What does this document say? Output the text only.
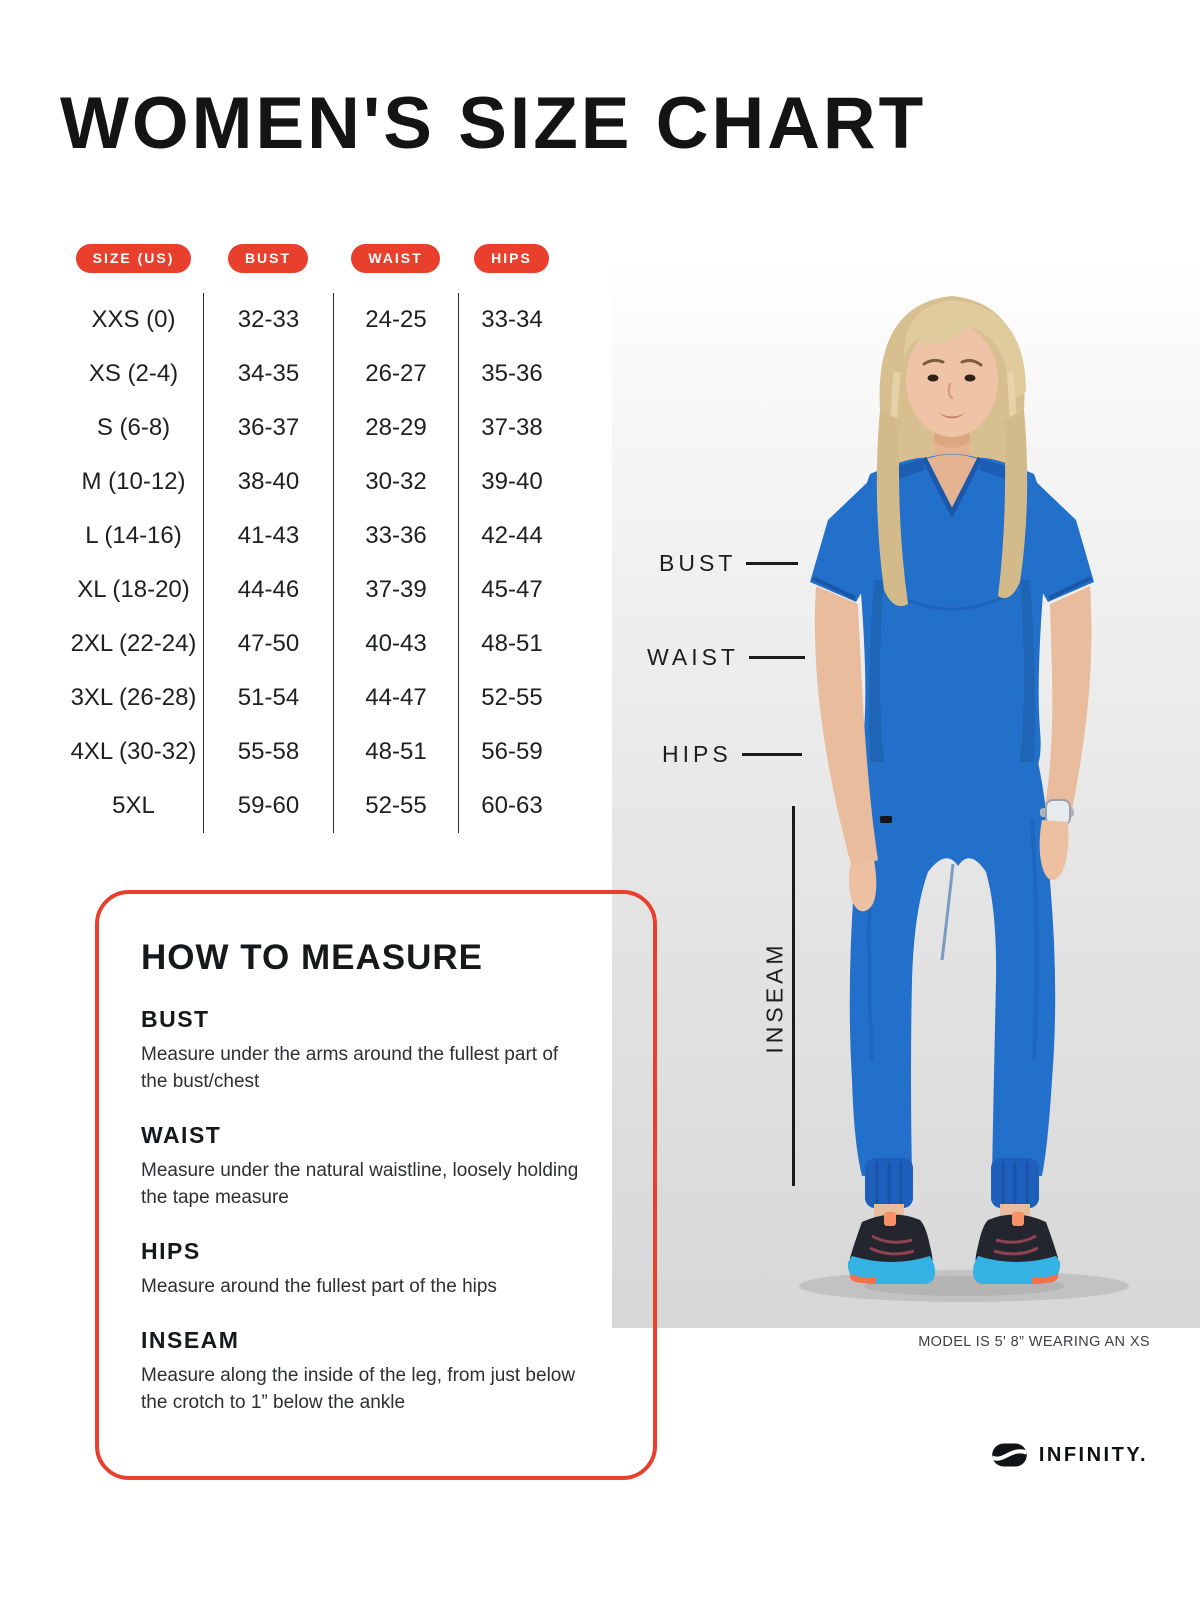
WOMEN'S SIZE CHART
BUST
WAIST
HIPS
INSEAM
MODEL IS 5' 8” WEARING AN XS
SIZE (US)	BUST	WAIST	HIPS
XXS (0)	32-33	24-25	33-34
XS (2-4)	34-35	26-27	35-36
S (6-8)	36-37	28-29	37-38
M (10-12)	38-40	30-32	39-40
L (14-16)	41-43	33-36	42-44
XL (18-20)	44-46	37-39	45-47
2XL (22-24)	47-50	40-43	48-51
3XL (26-28)	51-54	44-47	52-55
4XL (30-32)	55-58	48-51	56-59
5XL	59-60	52-55	60-63
HOW TO MEASURE
BUST

Measure under the arms around the fullest part of the bust/chest

WAIST

Measure under the natural waistline, loosely holding the tape measure

HIPS

Measure around the fullest part of the hips

INSEAM

Measure along the inside of the leg, from just below the crotch to 1” below the ankle

INFINITY.
